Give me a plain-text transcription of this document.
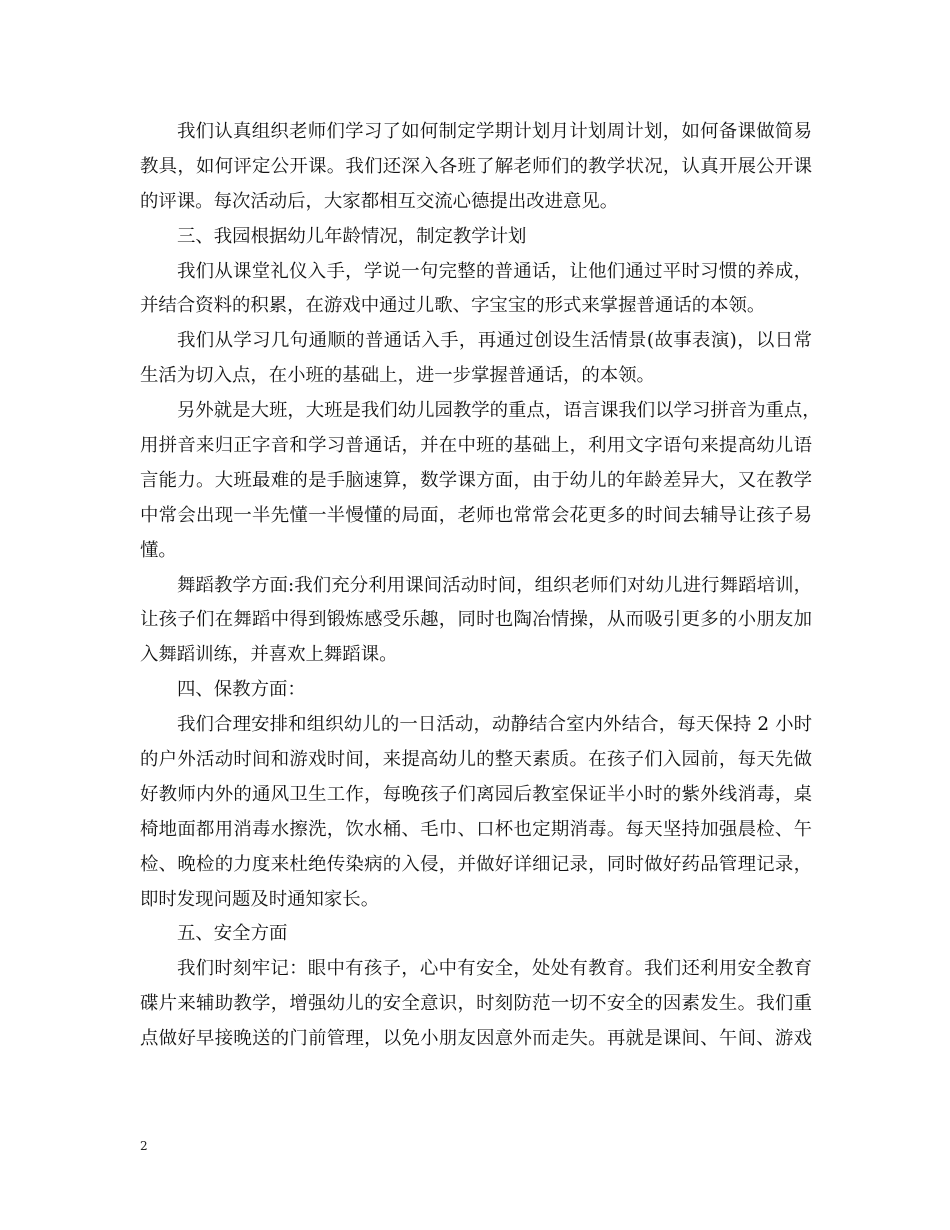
我们认真组织老师们学习了如何制定学期计划月计划周计划，如何备课做简易
教具，如何评定公开课。我们还深入各班了解老师们的教学状况，认真开展公开课
的评课。每次活动后，大家都相互交流心德提出改进意见。
三、我园根据幼儿年龄情况，制定教学计划
我们从课堂礼仪入手，学说一句完整的普通话，让他们通过平时习惯的养成，
并结合资料的积累，在游戏中通过儿歌、字宝宝的形式来掌握普通话的本领。
我们从学习几句通顺的普通话入手，再通过创设生活情景(故事表演)，以日常
生活为切入点，在小班的基础上，进一步掌握普通话，的本领。
另外就是大班，大班是我们幼儿园教学的重点，语言课我们以学习拼音为重点，
用拼音来归正字音和学习普通话，并在中班的基础上，利用文字语句来提高幼儿语
言能力。大班最难的是手脑速算，数学课方面，由于幼儿的年龄差异大，又在教学
中常会出现一半先懂一半慢懂的局面，老师也常常会花更多的时间去辅导让孩子易
懂。
舞蹈教学方面:我们充分利用课间活动时间，组织老师们对幼儿进行舞蹈培训，
让孩子们在舞蹈中得到锻炼感受乐趣，同时也陶冶情操，从而吸引更多的小朋友加
入舞蹈训练，并喜欢上舞蹈课。
四、保教方面：
我们合理安排和组织幼儿的一日活动，动静结合室内外结合，每天保持 2 小时
的户外活动时间和游戏时间，来提高幼儿的整天素质。在孩子们入园前，每天先做
好教师内外的通风卫生工作，每晚孩子们离园后教室保证半小时的紫外线消毒，桌
椅地面都用消毒水擦洗，饮水桶、毛巾、口杯也定期消毒。每天坚持加强晨检、午
检、晚检的力度来杜绝传染病的入侵，并做好详细记录，同时做好药品管理记录，
即时发现问题及时通知家长。
五、安全方面
我们时刻牢记：眼中有孩子，心中有安全，处处有教育。我们还利用安全教育
碟片来辅助教学，增强幼儿的安全意识，时刻防范一切不安全的因素发生。我们重
点做好早接晚送的门前管理，以免小朋友因意外而走失。再就是课间、午间、游戏
2
